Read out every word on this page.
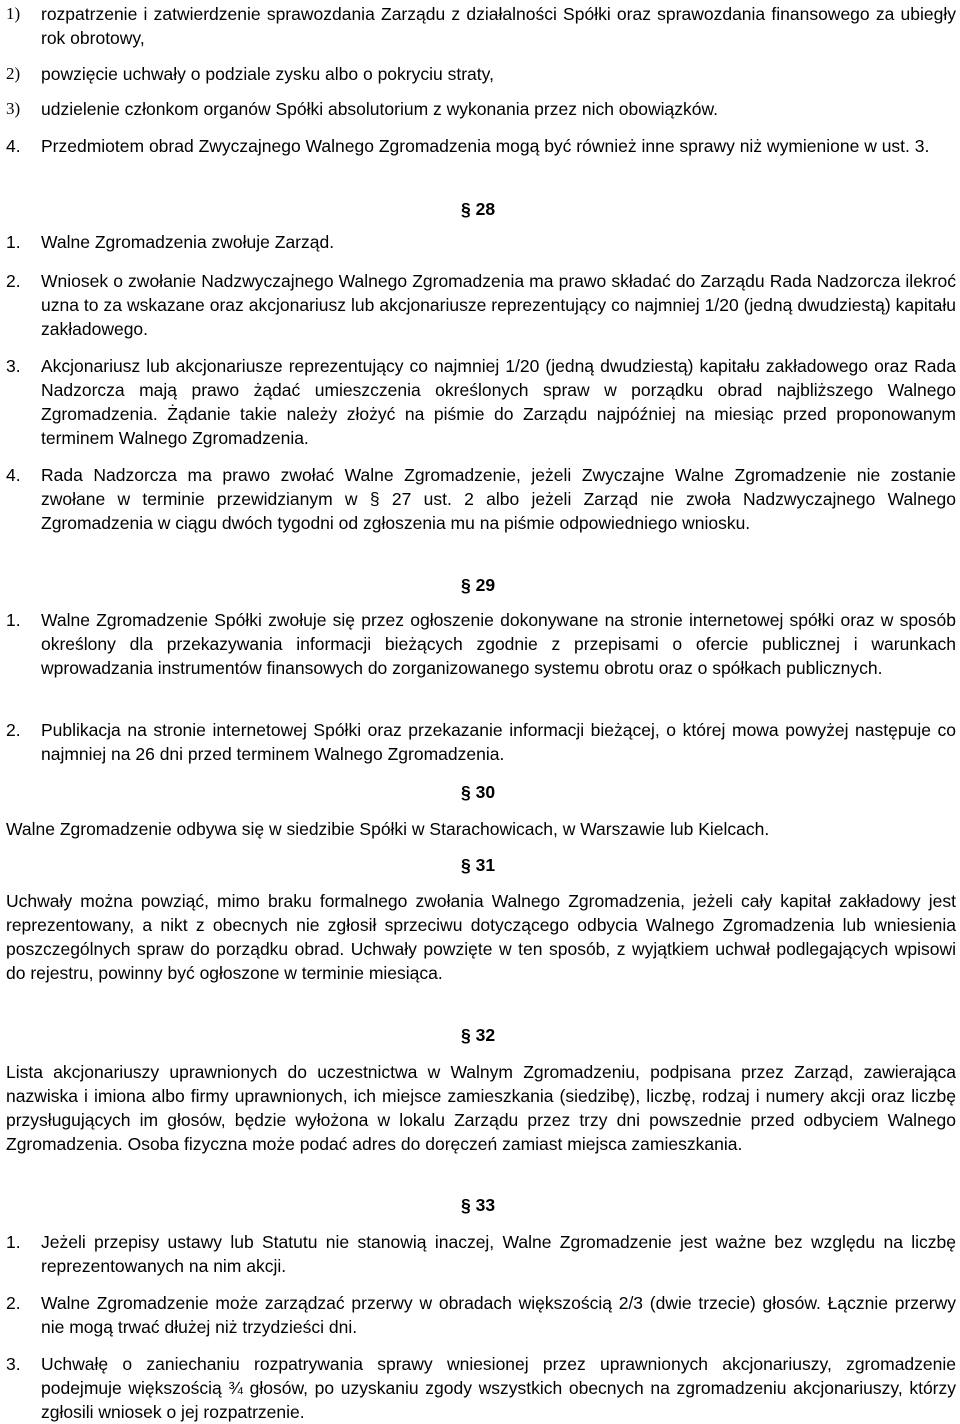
1) rozpatrzenie i zatwierdzenie sprawozdania Zarządu z działalności Spółki oraz sprawozdania finansowego za ubiegły rok obrotowy,
2) powzięcie uchwały o podziale zysku albo o pokryciu straty,
3) udzielenie członkom organów Spółki absolutorium z wykonania przez nich obowiązków.
4. Przedmiotem obrad Zwyczajnego Walnego Zgromadzenia mogą być również inne sprawy niż wymienione w ust. 3.
§ 28
1. Walne Zgromadzenia zwołuje Zarząd.
2. Wniosek o zwołanie Nadzwyczajnego Walnego Zgromadzenia ma prawo składać do Zarządu Rada Nadzorcza ilekroć uzna to za wskazane oraz akcjonariusz lub akcjonariusze reprezentujący co najmniej 1/20 (jedną dwudziestą) kapitału zakładowego.
3. Akcjonariusz lub akcjonariusze reprezentujący co najmniej 1/20 (jedną dwudziestą) kapitału zakładowego oraz Rada Nadzorcza mają prawo żądać umieszczenia określonych spraw w porządku obrad najbliższego Walnego Zgromadzenia. Żądanie takie należy złożyć na piśmie do Zarządu najpóźniej na miesiąc przed proponowanym terminem Walnego Zgromadzenia.
4. Rada Nadzorcza ma prawo zwołać Walne Zgromadzenie, jeżeli Zwyczajne Walne Zgromadzenie nie zostanie zwołane w terminie przewidzianym w § 27 ust. 2 albo jeżeli Zarząd nie zwoła Nadzwyczajnego Walnego Zgromadzenia w ciągu dwóch tygodni od zgłoszenia mu na piśmie odpowiedniego wniosku.
§ 29
1. Walne Zgromadzenie Spółki zwołuje się przez ogłoszenie dokonywane na stronie internetowej spółki oraz w sposób określony dla przekazywania informacji bieżących zgodnie z przepisami o ofercie publicznej i warunkach wprowadzania instrumentów finansowych do zorganizowanego systemu obrotu oraz o spółkach publicznych.
2. Publikacja na stronie internetowej Spółki oraz przekazanie informacji bieżącej, o której mowa powyżej następuje co najmniej na 26 dni przed terminem Walnego Zgromadzenia.
§ 30
Walne Zgromadzenie odbywa się w siedzibie Spółki w Starachowicach, w Warszawie lub Kielcach.
§ 31
Uchwały można powziąć, mimo braku formalnego zwołania Walnego Zgromadzenia, jeżeli cały kapitał zakładowy jest reprezentowany, a nikt z obecnych nie zgłosił sprzeciwu dotyczącego odbycia Walnego Zgromadzenia lub wniesienia poszczególnych spraw do porządku obrad. Uchwały powzięte w ten sposób, z wyjątkiem uchwał podlegających wpisowi do rejestru, powinny być ogłoszone w terminie miesiąca.
§ 32
Lista akcjonariuszy uprawnionych do uczestnictwa w Walnym Zgromadzeniu, podpisana przez Zarząd, zawierająca nazwiska i imiona albo firmy uprawnionych, ich miejsce zamieszkania (siedzibę), liczbę, rodzaj i numery akcji oraz liczbę przysługujących im głosów, będzie wyłożona w lokalu Zarządu przez trzy dni powszednie przed odbyciem Walnego Zgromadzenia. Osoba fizyczna może podać adres do doręczeń zamiast miejsca zamieszkania.
§ 33
1. Jeżeli przepisy ustawy lub Statutu nie stanowią inaczej, Walne Zgromadzenie jest ważne bez względu na liczbę reprezentowanych na nim akcji.
2. Walne Zgromadzenie może zarządzać przerwy w obradach większością 2/3 (dwie trzecie) głosów. Łącznie przerwy nie mogą trwać dłużej niż trzydzieści dni.
3. Uchwałę o zaniechaniu rozpatrywania sprawy wniesionej przez uprawnionych akcjonariuszy, zgromadzenie podejmuje większością ¾ głosów, po uzyskaniu zgody wszystkich obecnych na zgromadzeniu akcjonariuszy, którzy zgłosili wniosek o jej rozpatrzenie.
